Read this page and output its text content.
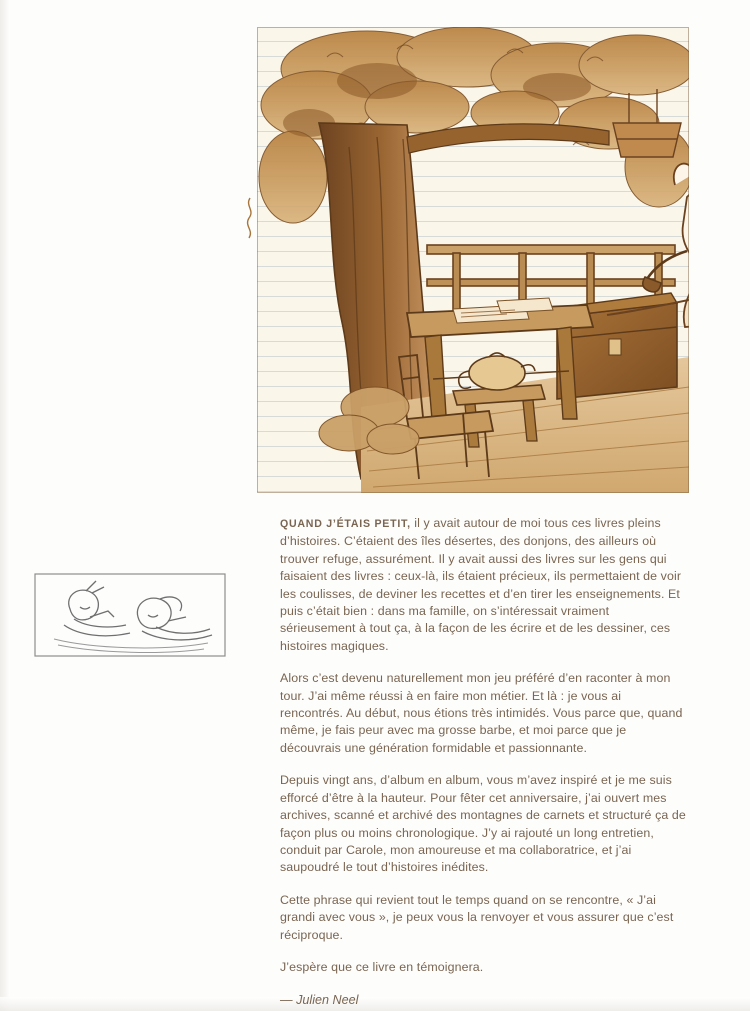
QUAND J’ÉTAIS PETIT, il y avait autour de moi tous ces livres pleins d’histoires. C’étaient des îles désertes, des donjons, des ailleurs où trouver refuge, assurément. Il y avait aussi des livres sur les gens qui faisaient des livres : ceux-là, ils étaient précieux, ils permettaient de voir les coulisses, de deviner les recettes et d’en tirer les enseignements. Et puis c’était bien : dans ma famille, on s’intéressait vraiment sérieusement à tout ça, à la façon de les écrire et de les dessiner, ces histoires magiques.

Alors c’est devenu naturellement mon jeu préféré d’en raconter à mon tour. J’ai même réussi à en faire mon métier. Et là : je vous ai rencontrés. Au début, nous étions très intimidés. Vous parce que, quand même, je fais peur avec ma grosse barbe, et moi parce que je découvrais une génération formidable et passionnante.

Depuis vingt ans, d’album en album, vous m’avez inspiré et je me suis efforcé d’être à la hauteur. Pour fêter cet anniversaire, j’ai ouvert mes archives, scanné et archivé des montagnes de carnets et structuré ça de façon plus ou moins chronologique. J’y ai rajouté un long entretien, conduit par Carole, mon amoureuse et ma collaboratrice, et j’ai saupoudré le tout d’histoires inédites.

Cette phrase qui revient tout le temps quand on se rencontre, « J’ai grandi avec vous », je peux vous la renvoyer et vous assurer que c’est réciproque.

J’espère que ce livre en témoignera.

— Julien Neel
